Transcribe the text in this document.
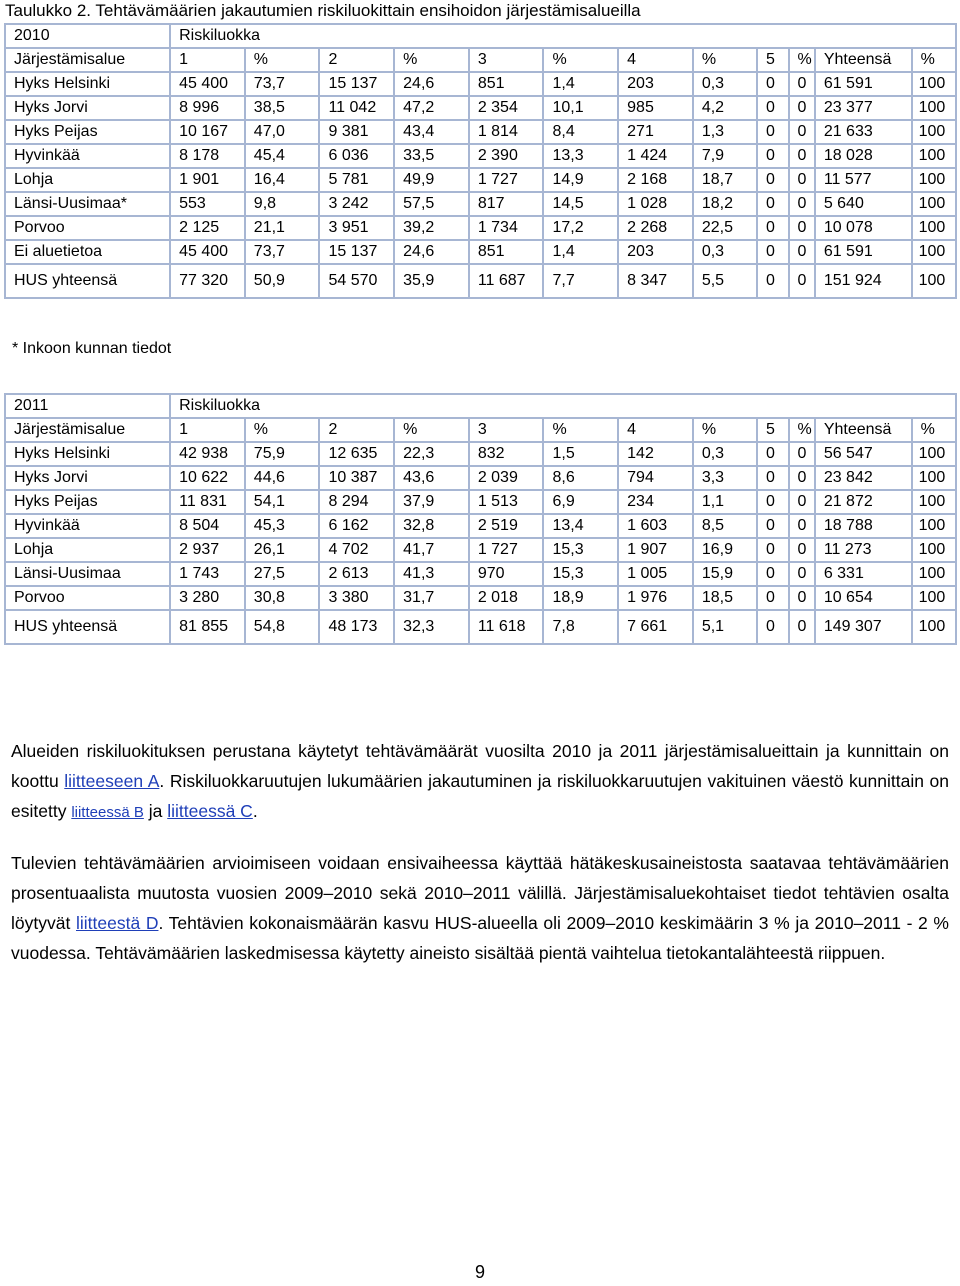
Taulukko 2. Tehtävämäärien jakautumien riskiluokittain ensihoidon järjestämisalueilla
2010	Riskiluokka											
Järjestämisalue	1	%	2	%	3	%	4	%	5	%	Yhteensä	%
Hyks Helsinki	45 400	73,7	15 137	24,6	851	1,4	203	0,3	0	0	61 591	100
Hyks Jorvi	8 996	38,5	11 042	47,2	2 354	10,1	985	4,2	0	0	23 377	100
Hyks Peijas	10 167	47,0	9 381	43,4	1 814	8,4	271	1,3	0	0	21 633	100
Hyvinkää	8 178	45,4	6 036	33,5	2 390	13,3	1 424	7,9	0	0	18 028	100
Lohja	1 901	16,4	5 781	49,9	1 727	14,9	2 168	18,7	0	0	11 577	100
Länsi-Uusimaa*	553	9,8	3 242	57,5	817	14,5	1 028	18,2	0	0	5 640	100
Porvoo	2 125	21,1	3 951	39,2	1 734	17,2	2 268	22,5	0	0	10 078	100
Ei aluetietoa	45 400	73,7	15 137	24,6	851	1,4	203	0,3	0	0	61 591	100
HUS yhteensä	77 320	50,9	54 570	35,9	11 687	7,7	8 347	5,5	0	0	151 924	100
* Inkoon kunnan tiedot
2011	Riskiluokka											
Järjestämisalue	1	%	2	%	3	%	4	%	5	%	Yhteensä	%
Hyks Helsinki	42 938	75,9	12 635	22,3	832	1,5	142	0,3	0	0	56 547	100
Hyks Jorvi	10 622	44,6	10 387	43,6	2 039	8,6	794	3,3	0	0	23 842	100
Hyks Peijas	11 831	54,1	8 294	37,9	1 513	6,9	234	1,1	0	0	21 872	100
Hyvinkää	8 504	45,3	6 162	32,8	2 519	13,4	1 603	8,5	0	0	18 788	100
Lohja	2 937	26,1	4 702	41,7	1 727	15,3	1 907	16,9	0	0	11 273	100
Länsi-Uusimaa	1 743	27,5	2 613	41,3	970	15,3	1 005	15,9	0	0	6 331	100
Porvoo	3 280	30,8	3 380	31,7	2 018	18,9	1 976	18,5	0	0	10 654	100
HUS yhteensä	81 855	54,8	48 173	32,3	11 618	7,8	7 661	5,1	0	0	149 307	100

Alueiden riskiluokituksen perustana käytetyt tehtävämäärät vuosilta 2010 ja 2011 järjestämisalueittain ja kunnittain on koottu liitteeseen A. Riskiluokkaruutujen lukumäärien jakautuminen ja riskiluokkaruutujen vakituinen väestö kunnittain on esitetty liitteessä B ja liitteessä C.

Tulevien tehtävämäärien arvioimiseen voidaan ensivaiheessa käyttää hätäkeskusaineistosta saatavaa tehtävämäärien prosentuaalista muutosta vuosien 2009–2010 sekä 2010–2011 välillä. Järjestämisaluekohtaiset tiedot tehtävien osalta löytyvät liitteestä D. Tehtävien kokonaismäärän kasvu HUS-alueella oli 2009–2010 keskimäärin 3 % ja 2010–2011 - 2 % vuodessa. Tehtävämäärien laskedmisessa käytetty aineisto sisältää pientä vaihtelua tietokantalähteestä riippuen.

9
